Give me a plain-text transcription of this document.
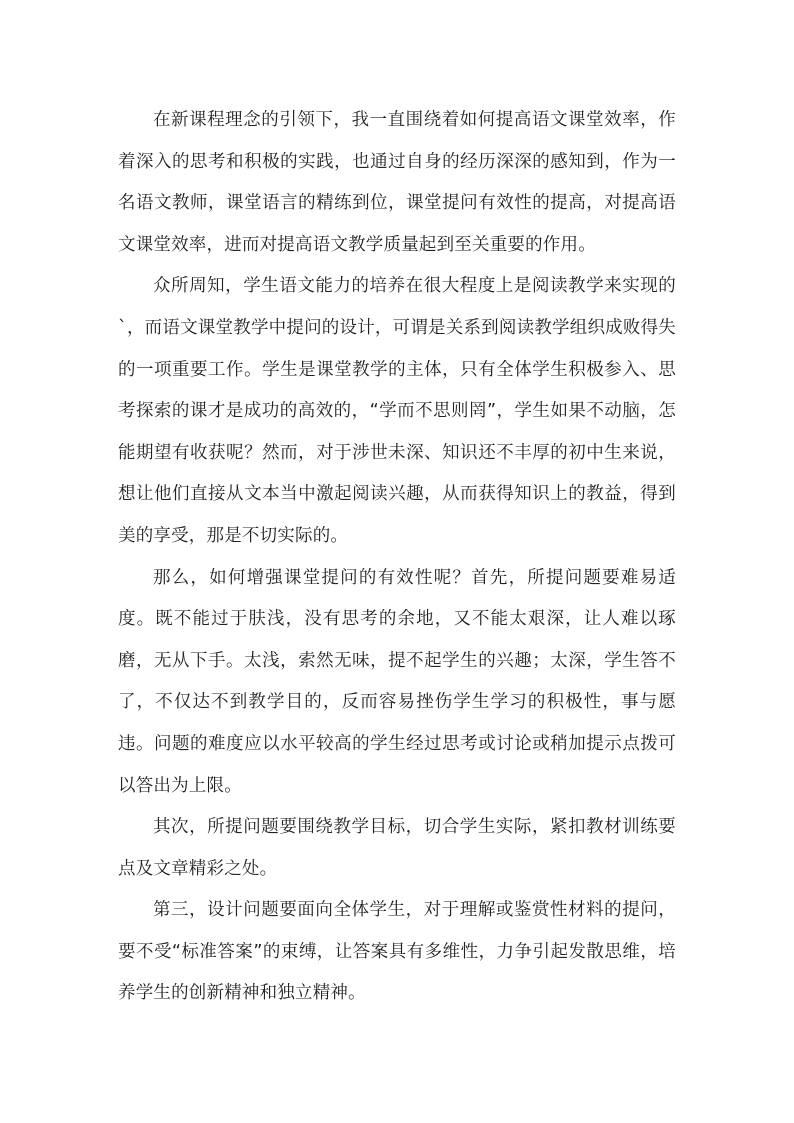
在新课程理念的引领下，我一直围绕着如何提高语文课堂效率，作着深入的思考和积极的实践，也通过自身的经历深深的感知到，作为一名语文教师，课堂语言的精练到位，课堂提问有效性的提高，对提高语文课堂效率，进而对提高语文教学质量起到至关重要的作用。

众所周知，学生语文能力的培养在很大程度上是阅读教学来实现的`，而语文课堂教学中提问的设计，可谓是关系到阅读教学组织成败得失的一项重要工作。学生是课堂教学的主体，只有全体学生积极参入、思考探索的课才是成功的高效的，“学而不思则罔”，学生如果不动脑，怎能期望有收获呢？然而，对于涉世未深、知识还不丰厚的初中生来说，想让他们直接从文本当中激起阅读兴趣，从而获得知识上的教益，得到美的享受，那是不切实际的。

那么，如何增强课堂提问的有效性呢？首先，所提问题要难易适度。既不能过于肤浅，没有思考的余地，又不能太艰深，让人难以琢磨，无从下手。太浅，索然无味，提不起学生的兴趣；太深，学生答不了，不仅达不到教学目的，反而容易挫伤学生学习的积极性，事与愿违。问题的难度应以水平较高的学生经过思考或讨论或稍加提示点拨可以答出为上限。

其次，所提问题要围绕教学目标，切合学生实际，紧扣教材训练要点及文章精彩之处。

第三，设计问题要面向全体学生，对于理解或鉴赏性材料的提问，要不受“标准答案”的束缚，让答案具有多维性，力争引起发散思维，培养学生的创新精神和独立精神。
